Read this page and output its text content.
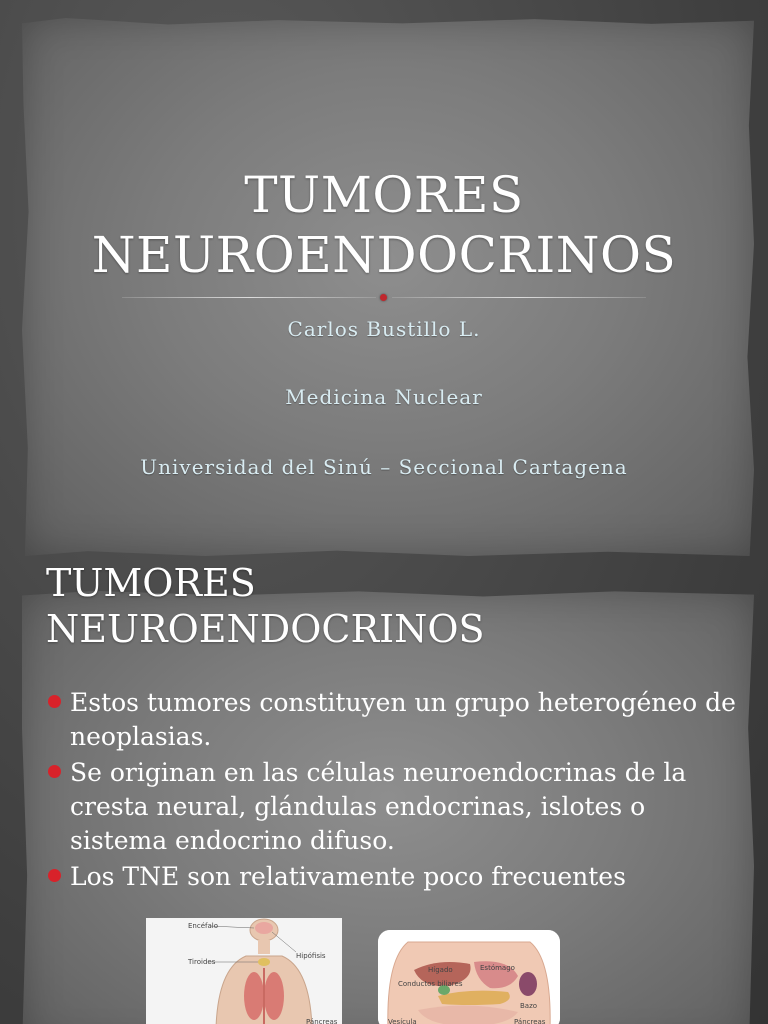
TUMORES
NEUROENDOCRINOS
Carlos Bustillo L.
Medicina Nuclear
Universidad del Sinú – Seccional Cartagena
TUMORES
NEUROENDOCRINOS
Estos tumores constituyen un grupo heterogéneo de neoplasias.
Se originan en las células neuroendocrinas de la cresta neural, glándulas endocrinas, islotes o sistema endocrino difuso.
Los TNE son relativamente poco frecuentes
Encéfalo
Hipófisis
Tiroides
Páncreas
Hígado	Estómago
Conductos biliares
Bazo
Vesícula	Páncreas
